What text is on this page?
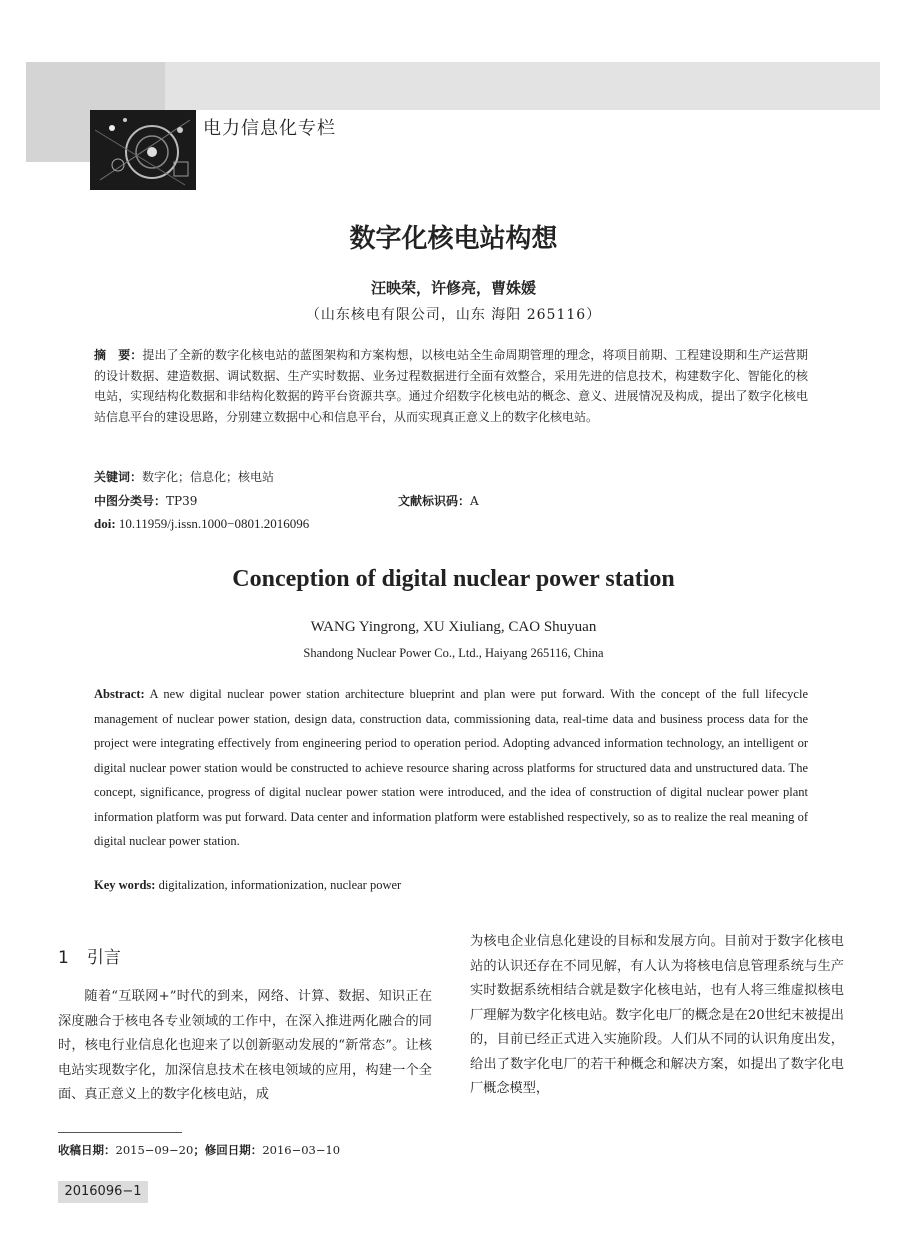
电力信息化专栏
数字化核电站构想
汪映荣，许修亮，曹姝媛
（山东核电有限公司，山东 海阳 265116）
摘　要：提出了全新的数字化核电站的蓝图架构和方案构想，以核电站全生命周期管理的理念，将项目前期、工程建设期和生产运营期的设计数据、建造数据、调试数据、生产实时数据、业务过程数据进行全面有效整合，采用先进的信息技术，构建数字化、智能化的核电站，实现结构化数据和非结构化数据的跨平台资源共享。通过介绍数字化核电站的概念、意义、进展情况及构成，提出了数字化核电站信息平台的建设思路，分别建立数据中心和信息平台，从而实现真正意义上的数字化核电站。
关键词：数字化；信息化；核电站
中图分类号：TP39	文献标识码：A
doi: 10.11959/j.issn.1000−0801.2016096
Conception of digital nuclear power station
WANG Yingrong, XU Xiuliang, CAO Shuyuan
Shandong Nuclear Power Co., Ltd., Haiyang 265116, China
Abstract: A new digital nuclear power station architecture blueprint and plan were put forward. With the concept of the full lifecycle management of nuclear power station, design data, construction data, commissioning data, real-time data and business process data for the project were integrating effectively from engineering period to operation period. Adopting advanced information technology, an intelligent or digital nuclear power station would be constructed to achieve resource sharing across platforms for structured data and unstructured data. The concept, significance, progress of digital nuclear power station were introduced, and the idea of construction of digital nuclear power plant information platform was put forward. Data center and information platform were established respectively, so as to realize the real meaning of digital nuclear power station.
Key words: digitalization, informationization, nuclear power
1 引言
随着“互联网+”时代的到来，网络、计算、数据、知识正在深度融合于核电各专业领域的工作中，在深入推进两化融合的同时，核电行业信息化也迎来了以创新驱动发展的“新常态”。让核电站实现数字化，加深信息技术在核电领域的应用，构建一个全面、真正意义上的数字化核电站，成
为核电企业信息化建设的目标和发展方向。目前对于数字化核电站的认识还存在不同见解，有人认为将核电信息管理系统与生产实时数据系统相结合就是数字化核电站，也有人将三维虚拟核电厂理解为数字化核电站。数字化电厂的概念是在20世纪末被提出的，目前已经正式进入实施阶段。人们从不同的认识角度出发，给出了数字化电厂的若干种概念和解决方案，如提出了数字化电厂概念模型，
收稿日期：2015−09−20；修回日期：2016−03−10
2016096−1
